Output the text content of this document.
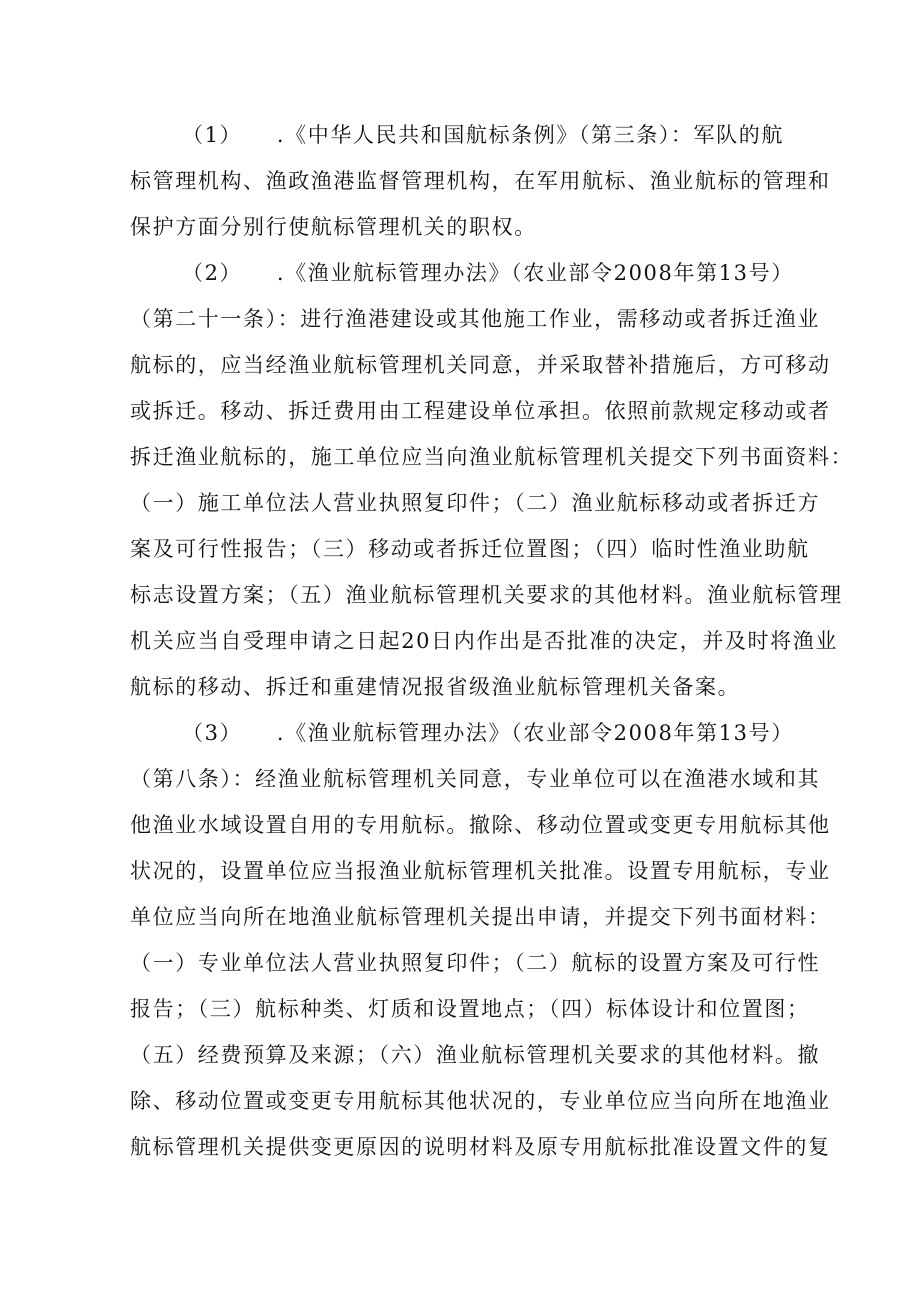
（1）　　.《中华人民共和国航标条例》（第三条）：军队的航
标管理机构、渔政渔港监督管理机构，在军用航标、渔业航标的管理和
保护方面分别行使航标管理机关的职权。
（2）　　.《渔业航标管理办法》（农业部令2008年第13号）
（第二十一条）：进行渔港建设或其他施工作业，需移动或者拆迁渔业
航标的，应当经渔业航标管理机关同意，并采取替补措施后，方可移动
或拆迁。移动、拆迁费用由工程建设单位承担。依照前款规定移动或者
拆迁渔业航标的，施工单位应当向渔业航标管理机关提交下列书面资料：
（一）施工单位法人营业执照复印件；（二）渔业航标移动或者拆迁方
案及可行性报告；（三）移动或者拆迁位置图；（四）临时性渔业助航
标志设置方案；（五）渔业航标管理机关要求的其他材料。渔业航标管理
机关应当自受理申请之日起20日内作出是否批准的决定，并及时将渔业
航标的移动、拆迁和重建情况报省级渔业航标管理机关备案。
（3）　　.《渔业航标管理办法》（农业部令2008年第13号）
（第八条）：经渔业航标管理机关同意，专业单位可以在渔港水域和其
他渔业水域设置自用的专用航标。撤除、移动位置或变更专用航标其他
状况的，设置单位应当报渔业航标管理机关批准。设置专用航标，专业
单位应当向所在地渔业航标管理机关提出申请，并提交下列书面材料：
（一）专业单位法人营业执照复印件；（二）航标的设置方案及可行性
报告；（三）航标种类、灯质和设置地点；（四）标体设计和位置图；
（五）经费预算及来源；（六）渔业航标管理机关要求的其他材料。撤
除、移动位置或变更专用航标其他状况的，专业单位应当向所在地渔业
航标管理机关提供变更原因的说明材料及原专用航标批准设置文件的复
